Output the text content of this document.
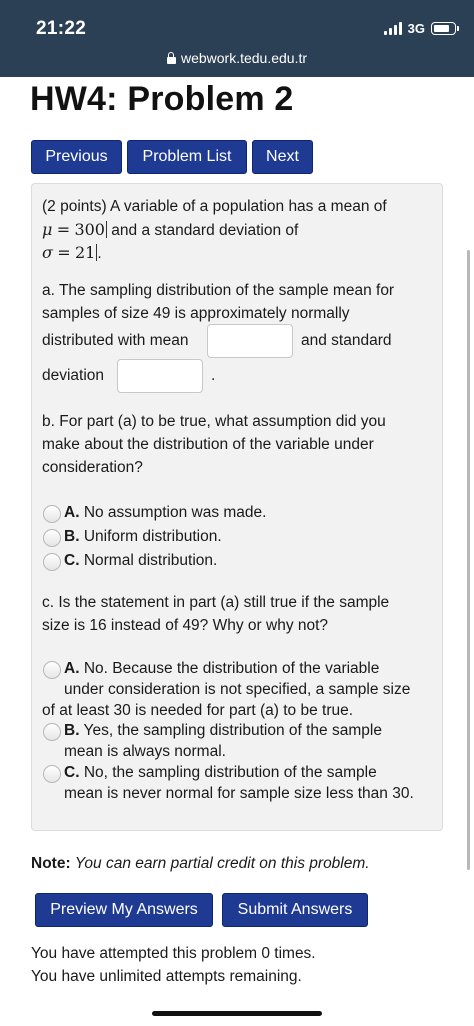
21:22	3G
webwork.tedu.edu.tr
HW4: Problem 2
Previous	Problem List	Next
(2 points) A variable of a population has a mean of
μ = 300 and a standard deviation of
σ = 21 .
a. The sampling distribution of the sample mean for
samples of size 49 is approximately normally
distributed with mean	and standard
deviation	.
b. For part (a) to be true, what assumption did you
make about the distribution of the variable under
consideration?
A. No assumption was made.
B. Uniform distribution.
C. Normal distribution.
c. Is the statement in part (a) still true if the sample
size is 16 instead of 49? Why or why not?
A. No. Because the distribution of the variable
under consideration is not specified, a sample size
of at least 30 is needed for part (a) to be true.
B. Yes, the sampling distribution of the sample
mean is always normal.
C. No, the sampling distribution of the sample
mean is never normal for sample size less than 30.
Note: You can earn partial credit on this problem.
Preview My Answers	Submit Answers
You have attempted this problem 0 times.
You have unlimited attempts remaining.
